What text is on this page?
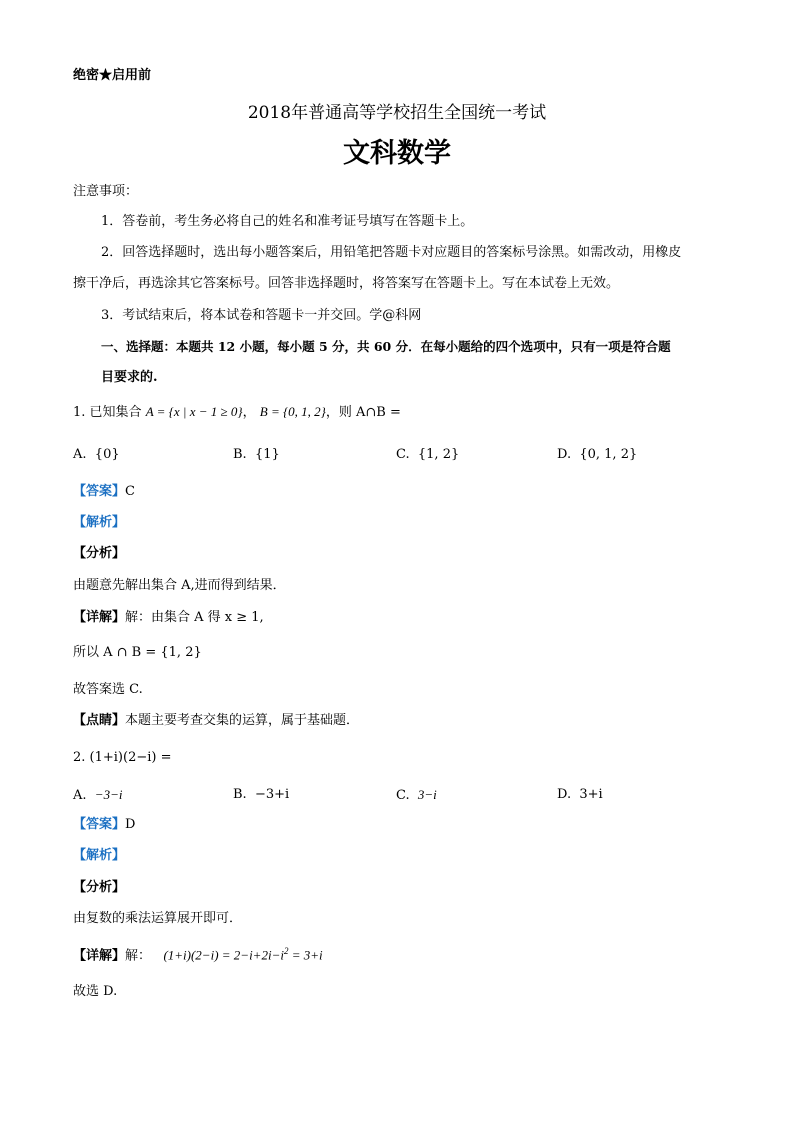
绝密★启用前
2018年普通高等学校招生全国统一考试
文科数学
注意事项：
1．答卷前，考生务必将自己的姓名和准考证号填写在答题卡上。
2．回答选择题时，选出每小题答案后，用铅笔把答题卡对应题目的答案标号涂黑。如需改动，用橡皮
擦干净后，再选涂其它答案标号。回答非选择题时，将答案写在答题卡上。写在本试卷上无效。
3．考试结束后，将本试卷和答题卡一并交回。学@科网
一、选择题：本题共 12 小题，每小题 5 分，共 60 分．在每小题给的四个选项中，只有一项是符合题
目要求的.
1. 已知集合 A = {x | x − 1 ≥ 0}， B = {0, 1, 2}，则 A∩B =
A. {0}	B. {1}	C. {1, 2}	D. {0, 1, 2}
【答案】C
【解析】
【分析】
由题意先解出集合 A,进而得到结果．
【详解】解：由集合 A 得 x ≥ 1,
所以 A ∩ B = {1, 2}
故答案选 C.
【点睛】本题主要考查交集的运算，属于基础题．
2. (1+i)(2−i) =
A. −3−i	B. −3+i	C. 3−i	D. 3+i
【答案】D
【解析】
【分析】
由复数的乘法运算展开即可．
【详解】解： $(1+i)(2-i) = 2-i+2i-i^2 = 3+i$
故选 D.
